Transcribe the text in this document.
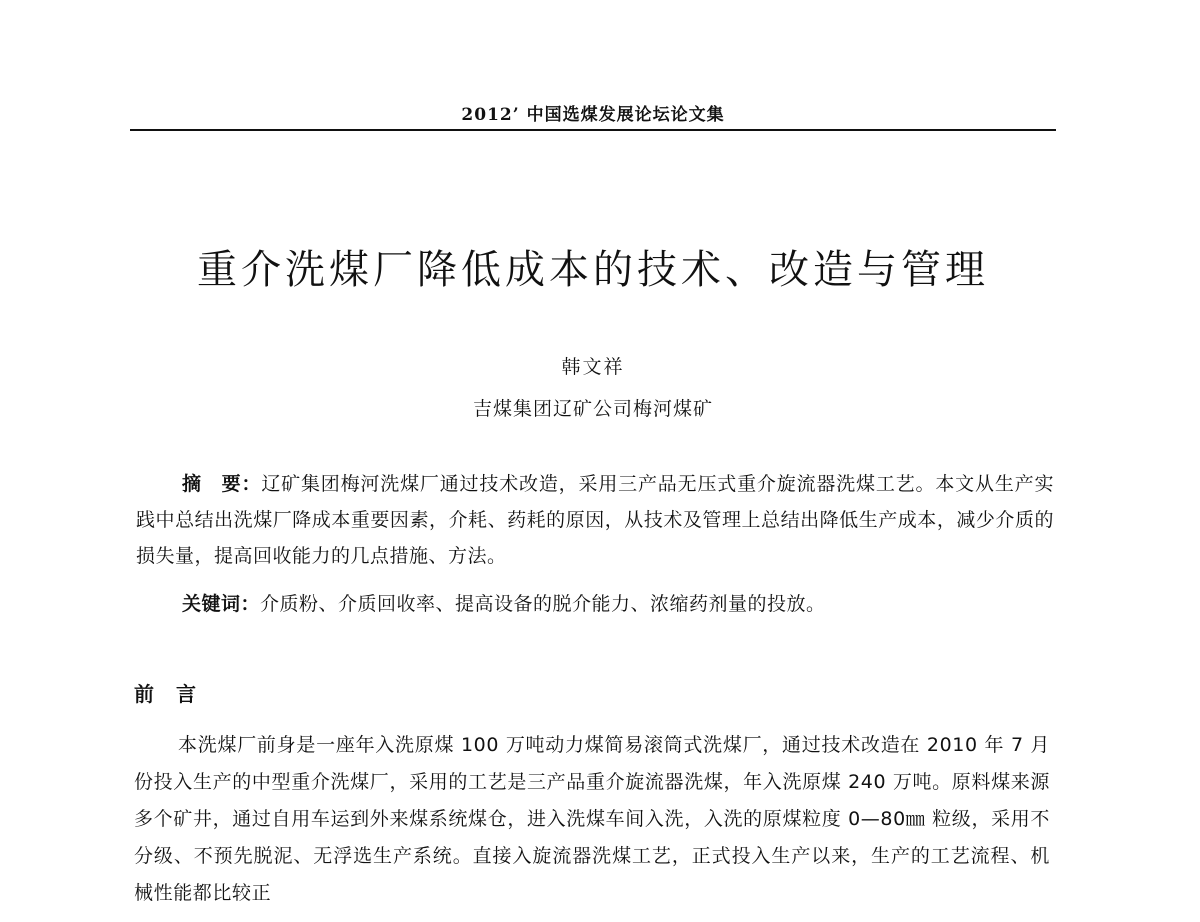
2012’ 中国选煤发展论坛论文集
重介洗煤厂降低成本的技术、改造与管理
韩文祥
吉煤集团辽矿公司梅河煤矿
摘　要：辽矿集团梅河洗煤厂通过技术改造，采用三产品无压式重介旋流器洗煤工艺。本文从生产实践中总结出洗煤厂降成本重要因素，介耗、药耗的原因，从技术及管理上总结出降低生产成本，减少介质的损失量，提高回收能力的几点措施、方法。
关键词：介质粉、介质回收率、提高设备的脱介能力、浓缩药剂量的投放。
前言
本洗煤厂前身是一座年入洗原煤 100 万吨动力煤简易滚筒式洗煤厂，通过技术改造在 2010 年 7 月份投入生产的中型重介洗煤厂，采用的工艺是三产品重介旋流器洗煤，年入洗原煤 240 万吨。原料煤来源多个矿井，通过自用车运到外来煤系统煤仓，进入洗煤车间入洗，入洗的原煤粒度 0—80㎜ 粒级，采用不分级、不预先脱泥、无浮选生产系统。直接入旋流器洗煤工艺，正式投入生产以来，生产的工艺流程、机械性能都比较正
